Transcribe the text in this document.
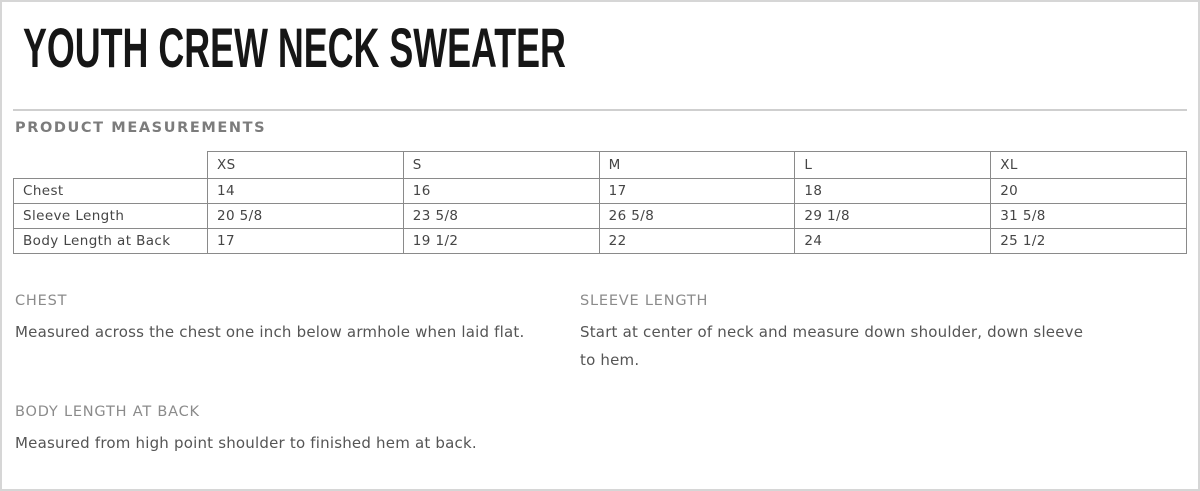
YOUTH CREW NECK SWEATER
PRODUCT MEASUREMENTS
	XS	S	M	L	XL
Chest	14	16	17	18	20
Sleeve Length	20 5/8	23 5/8	26 5/8	29 1/8	31 5/8
Body Length at Back	17	19 1/2	22	24	25 1/2
CHEST

Measured across the chest one inch below armhole when laid flat.

SLEEVE LENGTH

Start at center of neck and measure down shoulder, down sleeve to hem.

BODY LENGTH AT BACK

Measured from high point shoulder to finished hem at back.
